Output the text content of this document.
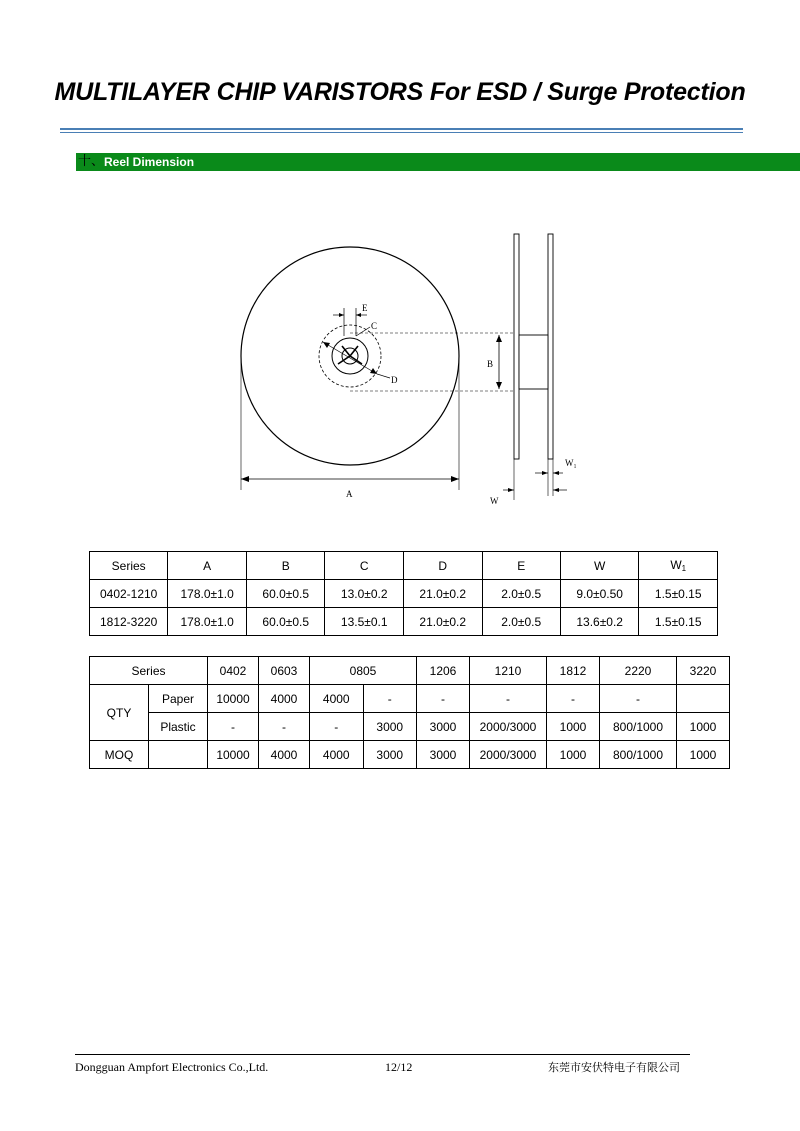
MULTILAYER CHIP VARISTORS For ESD / Surge Protection
十、 Reel Dimension
E
C
D
B
A
W₁
W
Series	A	B	C	D	E	W	$W_1$
0402-1210	178.0±1.0	60.0±0.5	13.0±0.2	21.0±0.2	2.0±0.5	9.0±0.50	1.5±0.15
1812-3220	178.0±1.0	60.0±0.5	13.5±0.1	21.0±0.2	2.0±0.5	13.6±0.2	1.5±0.15
Series		0402	0603	0805		1206	1210	1812	2220	3220
QTY	Paper	10000	4000	4000	-	-	-	-	-	
	Plastic	-	-	-	3000	3000	2000/3000	1000	800/1000	1000
MOQ		10000	4000	4000	3000	3000	2000/3000	1000	800/1000	1000
Dongguan Ampfort Electronics Co.,Ltd.	12/12	东莞市安伏特电子有限公司
